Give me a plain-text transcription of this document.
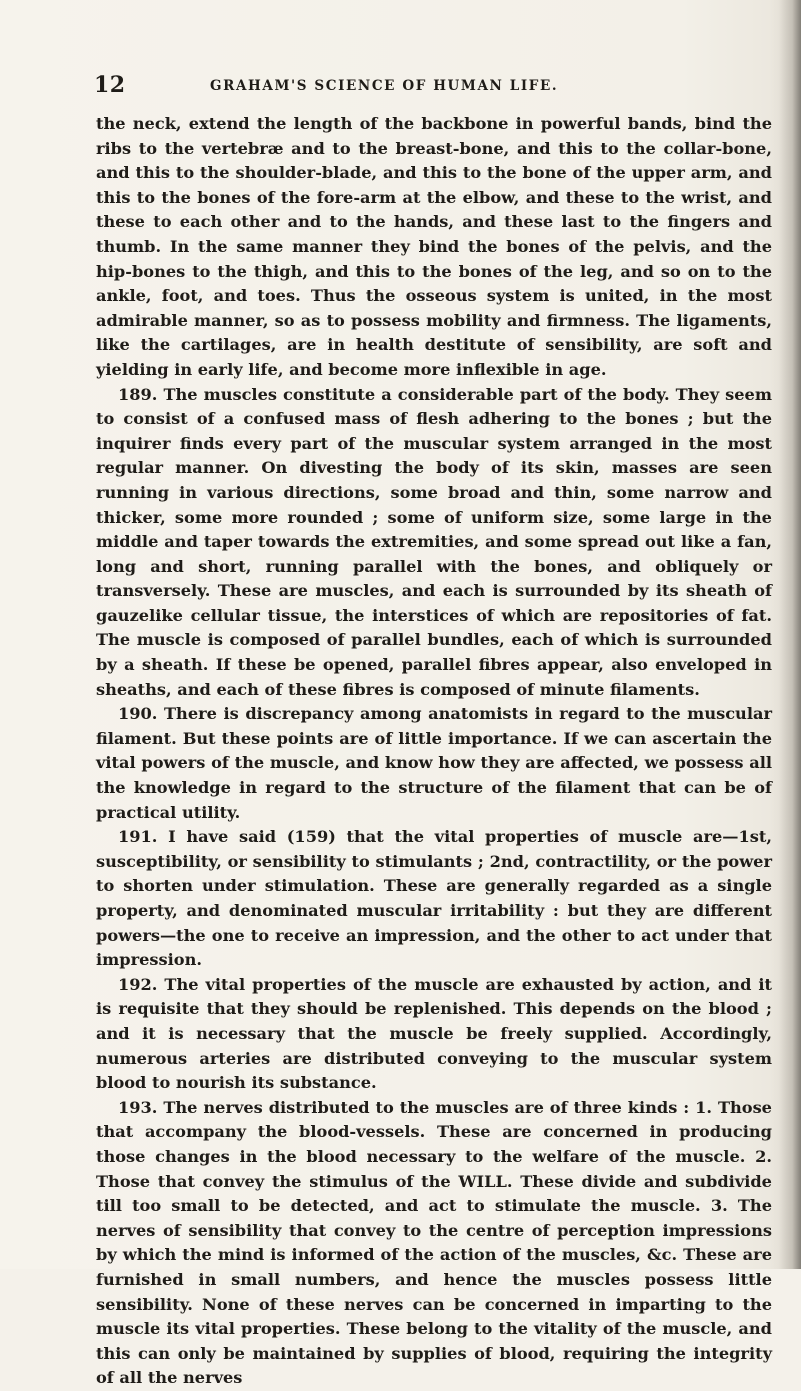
12	GRAHAM'S SCIENCE OF HUMAN LIFE.

the neck, extend the length of the backbone in powerful bands, bind the ribs to the vertebræ and to the breast-bone, and this to the collar-bone, and this to the shoulder-blade, and this to the bone of the upper arm, and this to the bones of the fore-arm at the elbow, and these to the wrist, and these to each other and to the hands, and these last to the fingers and thumb. In the same manner they bind the bones of the pelvis, and the hip-bones to the thigh, and this to the bones of the leg, and so on to the ankle, foot, and toes. Thus the osseous system is united, in the most admirable manner, so as to possess mobility and firmness. The ligaments, like the cartilages, are in health destitute of sensibility, are soft and yielding in early life, and become more inflexible in age.

189. The muscles constitute a considerable part of the body. They seem to consist of a confused mass of flesh adhering to the bones ; but the inquirer finds every part of the muscular system arranged in the most regular manner. On divesting the body of its skin, masses are seen running in various directions, some broad and thin, some narrow and thicker, some more rounded ; some of uniform size, some large in the middle and taper towards the extremities, and some spread out like a fan, long and short, running parallel with the bones, and obliquely or transversely. These are muscles, and each is surrounded by its sheath of gauzelike cellular tissue, the interstices of which are repositories of fat. The muscle is composed of parallel bundles, each of which is surrounded by a sheath. If these be opened, parallel fibres appear, also enveloped in sheaths, and each of these fibres is composed of minute filaments.

190. There is discrepancy among anatomists in regard to the muscular filament. But these points are of little importance. If we can ascertain the vital powers of the muscle, and know how they are affected, we possess all the knowledge in regard to the structure of the filament that can be of practical utility.

191. I have said (159) that the vital properties of muscle are—1st, susceptibility, or sensibility to stimulants ; 2nd, contractility, or the power to shorten under stimulation. These are generally regarded as a single property, and denominated muscular irritability : but they are different powers—the one to receive an impression, and the other to act under that impression.

192. The vital properties of the muscle are exhausted by action, and it is requisite that they should be replenished. This depends on the blood ; and it is necessary that the muscle be freely supplied. Accordingly, numerous arteries are distributed conveying to the muscular system blood to nourish its substance.

193. The nerves distributed to the muscles are of three kinds : 1. Those that accompany the blood-vessels. These are concerned in producing those changes in the blood necessary to the welfare of the muscle. 2. Those that convey the stimulus of the WILL. These divide and subdivide till too small to be detected, and act to stimulate the muscle. 3. The nerves of sensibility that convey to the centre of perception impressions by which the mind is informed of the action of the muscles, &c. These are furnished in small numbers, and hence the muscles possess little sensibility. None of these nerves can be concerned in imparting to the muscle its vital properties. These belong to the vitality of the muscle, and this can only be maintained by supplies of blood, requiring the integrity of all the nerves
